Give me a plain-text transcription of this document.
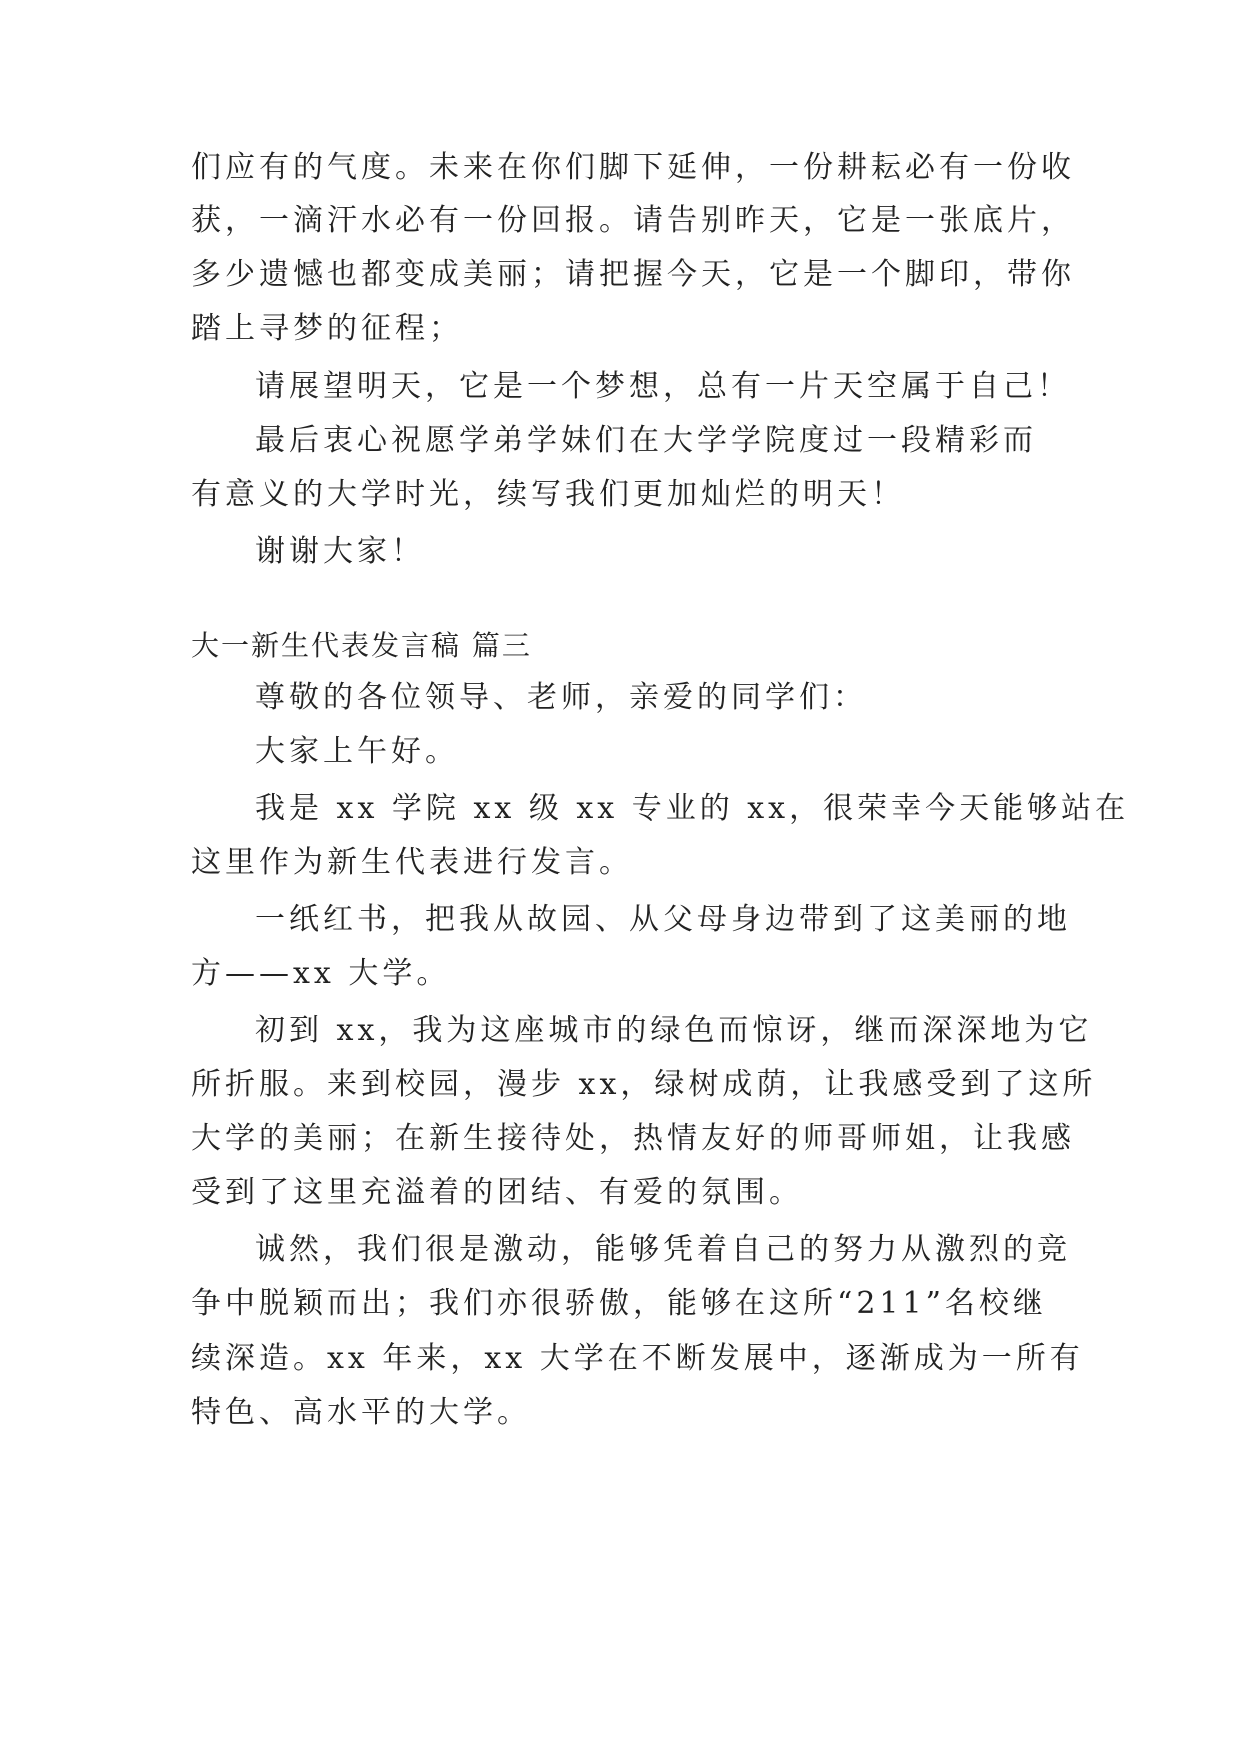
们应有的气度。未来在你们脚下延伸，一份耕耘必有一份收
获，一滴汗水必有一份回报。请告别昨天，它是一张底片，
多少遗憾也都变成美丽；请把握今天，它是一个脚印，带你
踏上寻梦的征程；
请展望明天，它是一个梦想，总有一片天空属于自己！
最后衷心祝愿学弟学妹们在大学学院度过一段精彩而
有意义的大学时光，续写我们更加灿烂的明天！
谢谢大家！
大一新生代表发言稿 篇三
尊敬的各位领导、老师，亲爱的同学们：
大家上午好。
我是 xx 学院 xx 级 xx 专业的 xx，很荣幸今天能够站在
这里作为新生代表进行发言。
一纸红书，把我从故园、从父母身边带到了这美丽的地
方——xx 大学。
初到 xx，我为这座城市的绿色而惊讶，继而深深地为它
所折服。来到校园，漫步 xx，绿树成荫，让我感受到了这所
大学的美丽；在新生接待处，热情友好的师哥师姐，让我感
受到了这里充溢着的团结、有爱的氛围。
诚然，我们很是激动，能够凭着自己的努力从激烈的竞
争中脱颖而出；我们亦很骄傲，能够在这所“211”名校继
续深造。xx 年来，xx 大学在不断发展中，逐渐成为一所有
特色、高水平的大学。
